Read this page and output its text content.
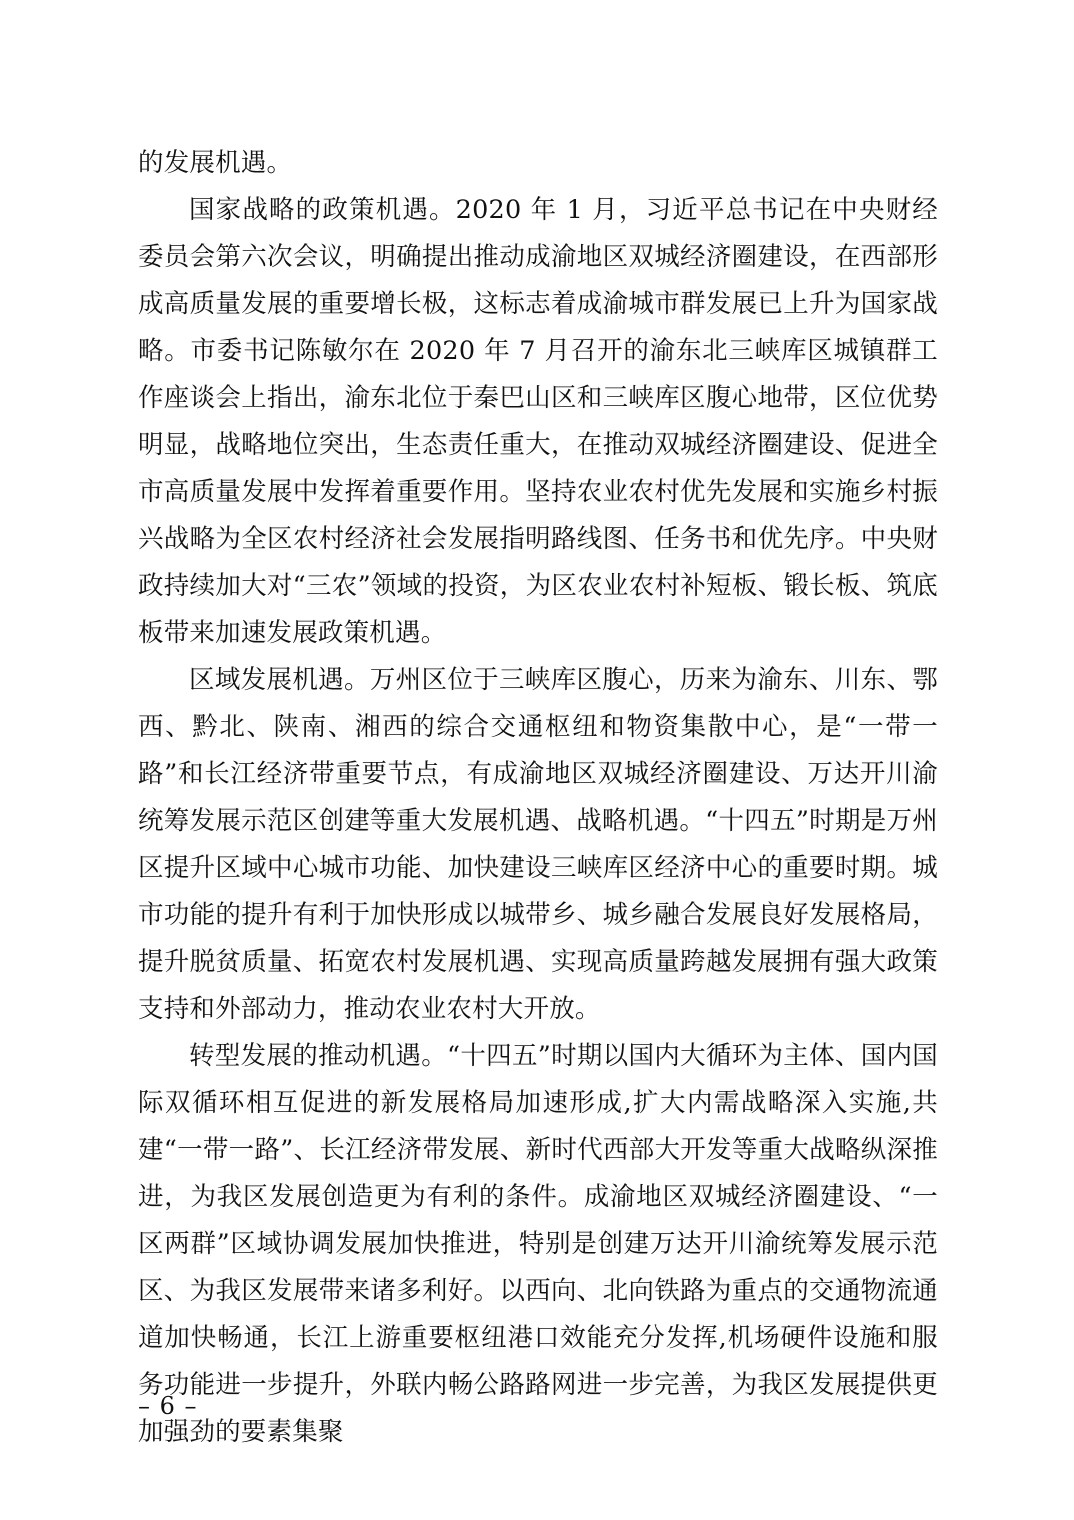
的发展机遇。

国家战略的政策机遇。2020 年 1 月，习近平总书记在中央财经委员会第六次会议，明确提出推动成渝地区双城经济圈建设，在西部形成高质量发展的重要增长极，这标志着成渝城市群发展已上升为国家战略。市委书记陈敏尔在 2020 年 7 月召开的渝东北三峡库区城镇群工作座谈会上指出，渝东北位于秦巴山区和三峡库区腹心地带，区位优势明显，战略地位突出，生态责任重大，在推动双城经济圈建设、促进全市高质量发展中发挥着重要作用。坚持农业农村优先发展和实施乡村振兴战略为全区农村经济社会发展指明路线图、任务书和优先序。中央财政持续加大对“三农”领域的投资，为区农业农村补短板、锻长板、筑底板带来加速发展政策机遇。

区域发展机遇。万州区位于三峡库区腹心，历来为渝东、川东、鄂西、黔北、陕南、湘西的综合交通枢纽和物资集散中心，是“一带一路”和长江经济带重要节点，有成渝地区双城经济圈建设、万达开川渝统筹发展示范区创建等重大发展机遇、战略机遇。“十四五”时期是万州区提升区域中心城市功能、加快建设三峡库区经济中心的重要时期。城市功能的提升有利于加快形成以城带乡、城乡融合发展良好发展格局，提升脱贫质量、拓宽农村发展机遇、实现高质量跨越发展拥有强大政策支持和外部动力，推动农业农村大开放。

转型发展的推动机遇。“十四五”时期以国内大循环为主体、国内国际双循环相互促进的新发展格局加速形成,扩大内需战略深入实施,共建“一带一路”、长江经济带发展、新时代西部大开发等重大战略纵深推进，为我区发展创造更为有利的条件。成渝地区双城经济圈建设、“一区两群”区域协调发展加快推进，特别是创建万达开川渝统筹发展示范区、为我区发展带来诸多利好。以西向、北向铁路为重点的交通物流通道加快畅通，长江上游重要枢纽港口效能充分发挥,机场硬件设施和服务功能进一步提升，外联内畅公路路网进一步完善，为我区发展提供更加强劲的要素集聚

– 6 –
